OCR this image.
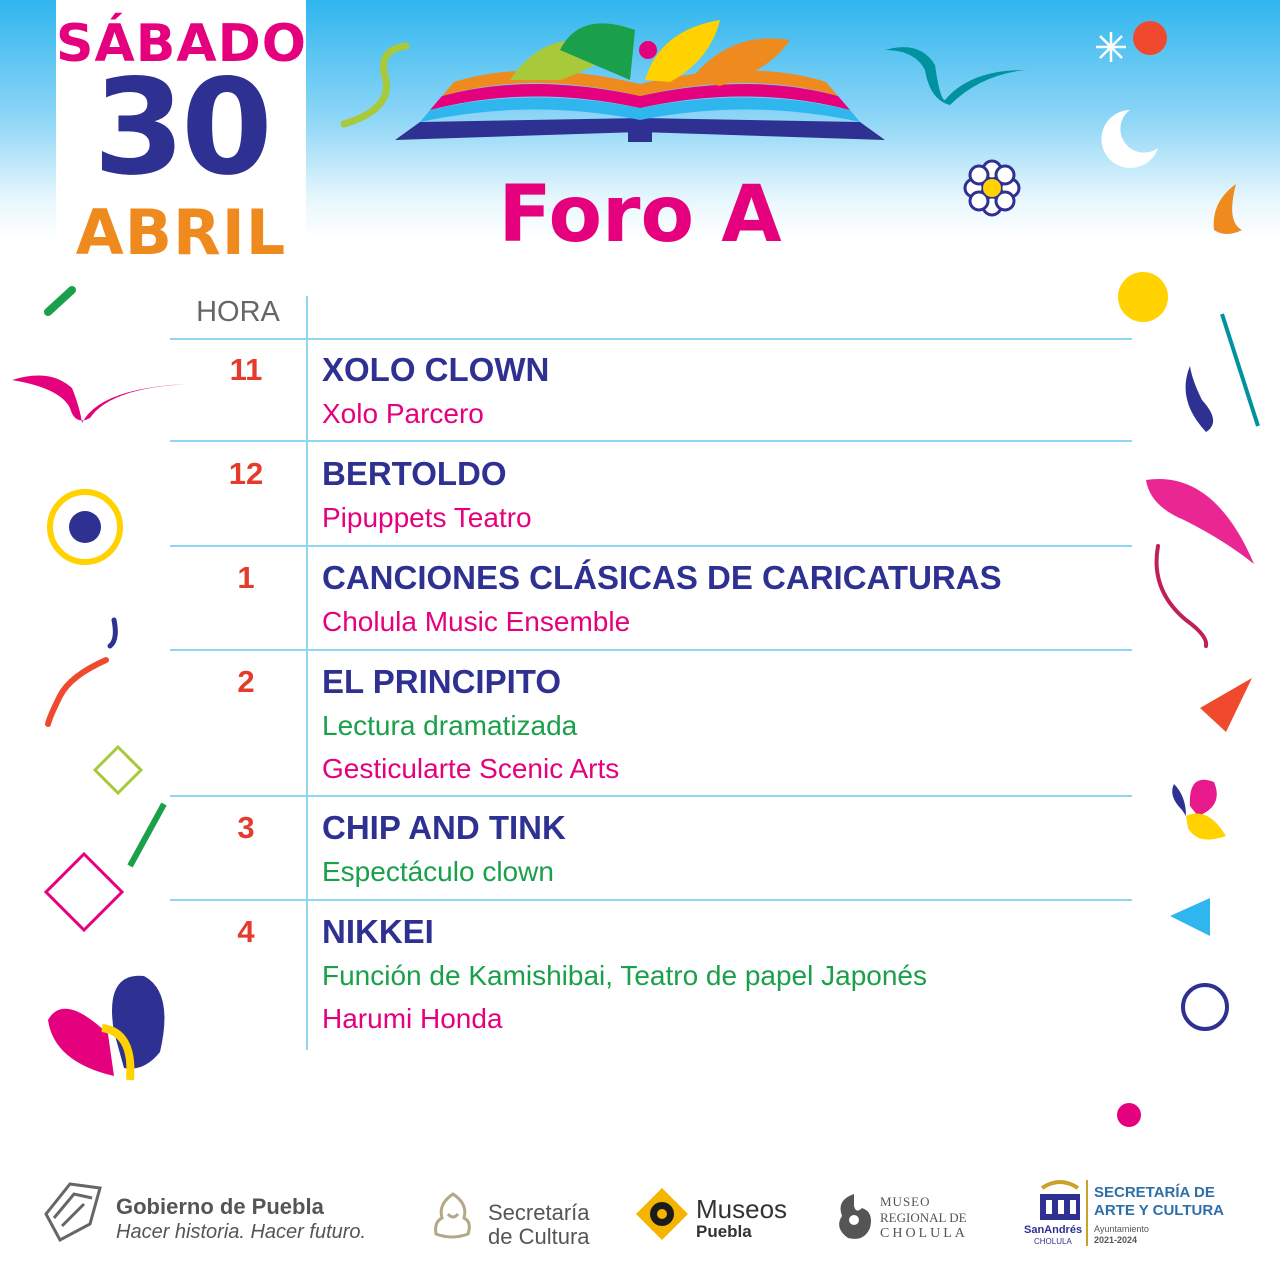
SÁBADO
30
ABRIL	Foro A
HORA
11	XOLO CLOWN
Xolo Parcero
12	BERTOLDO
Pipuppets Teatro
1	CANCIONES CLÁSICAS DE CARICATURAS
Cholula Music Ensemble
2	EL PRINCIPITO
Lectura dramatizada
Gesticularte Scenic Arts
3	CHIP AND TINK
Espectáculo clown
4	NIKKEI
Función de Kamishibai, Teatro de papel Japonés
Harumi Honda
Gobierno de Puebla
Hacer historia. Hacer futuro.
Secretaría
de Cultura
Museos
Puebla
MUSEO
REGIONAL DE
CHOLULA	SanAndrés
CHOLULA
SECRETARÍA DE
ARTE Y CULTURA
Ayuntamiento
2021-2024
